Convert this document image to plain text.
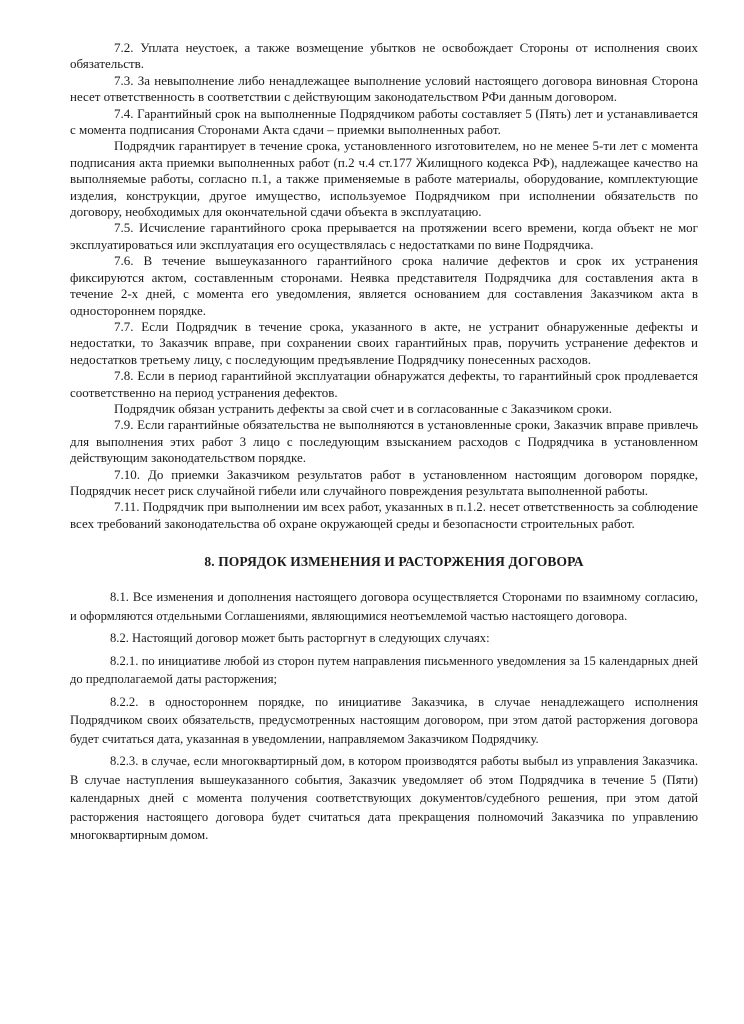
7.2. Уплата неустоек, а также возмещение убытков не освобождает Стороны от исполнения своих обязательств.

7.3. За невыполнение либо ненадлежащее выполнение условий настоящего договора виновная Сторона несет ответственность в соответствии с действующим законодательством РФи данным договором.

7.4. Гарантийный срок на выполненные Подрядчиком работы составляет 5 (Пять) лет и устанавливается с момента подписания Сторонами Акта сдачи – приемки выполненных работ.

Подрядчик гарантирует в течение срока, установленного изготовителем, но не менее 5-ти лет с момента подписания акта приемки выполненных работ (п.2 ч.4 ст.177 Жилищного кодекса РФ), надлежащее качество на выполняемые работы, согласно п.1, а также применяемые в работе материалы, оборудование, комплектующие изделия, конструкции, другое имущество, используемое Подрядчиком при исполнении обязательств по договору, необходимых для окончательной сдачи объекта в эксплуатацию.

7.5. Исчисление гарантийного срока прерывается на протяжении всего времени, когда объект не мог эксплуатироваться или эксплуатация его осуществлялась с недостатками по вине Подрядчика.

7.6. В течение вышеуказанного гарантийного срока наличие дефектов и срок их устранения фиксируются актом, составленным сторонами. Неявка представителя Подрядчика для составления акта в течение 2-х дней, с момента его уведомления, является основанием для составления Заказчиком акта в одностороннем порядке.

7.7. Если Подрядчик в течение срока, указанного в акте, не устранит обнаруженные дефекты и недостатки, то Заказчик вправе, при сохранении своих гарантийных прав, поручить устранение дефектов и недостатков третьему лицу, с последующим предъявление Подрядчику понесенных расходов.

7.8. Если в период гарантийной эксплуатации обнаружатся дефекты, то гарантийный срок продлевается соответственно на период устранения дефектов.

Подрядчик обязан устранить дефекты за свой счет и в согласованные с Заказчиком сроки.

7.9. Если гарантийные обязательства не выполняются в установленные сроки, Заказчик вправе привлечь для выполнения этих работ 3 лицо с последующим взысканием расходов с Подрядчика в установленном действующим законодательством порядке.

7.10. До приемки Заказчиком результатов работ в установленном настоящим договором порядке, Подрядчик несет риск случайной гибели или случайного повреждения результата выполненной работы.

7.11. Подрядчик при выполнении им всех работ, указанных в п.1.2. несет ответственность за соблюдение всех требований законодательства об охране окружающей среды и безопасности строительных работ.

8. ПОРЯДОК ИЗМЕНЕНИЯ И РАСТОРЖЕНИЯ ДОГОВОРА

8.1. Все изменения и дополнения настоящего договора осуществляется Сторонами по взаимному согласию, и оформляются отдельными Соглашениями, являющимися неотъемлемой частью настоящего договора.

8.2. Настоящий договор может быть расторгнут в следующих случаях:

8.2.1. по инициативе любой из сторон путем направления письменного уведомления за 15 календарных дней до предполагаемой даты расторжения;

8.2.2. в одностороннем порядке, по инициативе Заказчика, в случае ненадлежащего исполнения Подрядчиком своих обязательств, предусмотренных настоящим договором, при этом датой расторжения договора будет считаться дата, указанная в уведомлении, направляемом Заказчиком Подрядчику.

8.2.3. в случае, если многоквартирный дом, в котором производятся работы выбыл из управления Заказчика. В случае наступления вышеуказанного события, Заказчик уведомляет об этом Подрядчика в течение 5 (Пяти) календарных дней с момента получения соответствующих документов/судебного решения, при этом датой расторжения настоящего договора будет считаться дата прекращения полномочий Заказчика по управлению многоквартирным домом.
